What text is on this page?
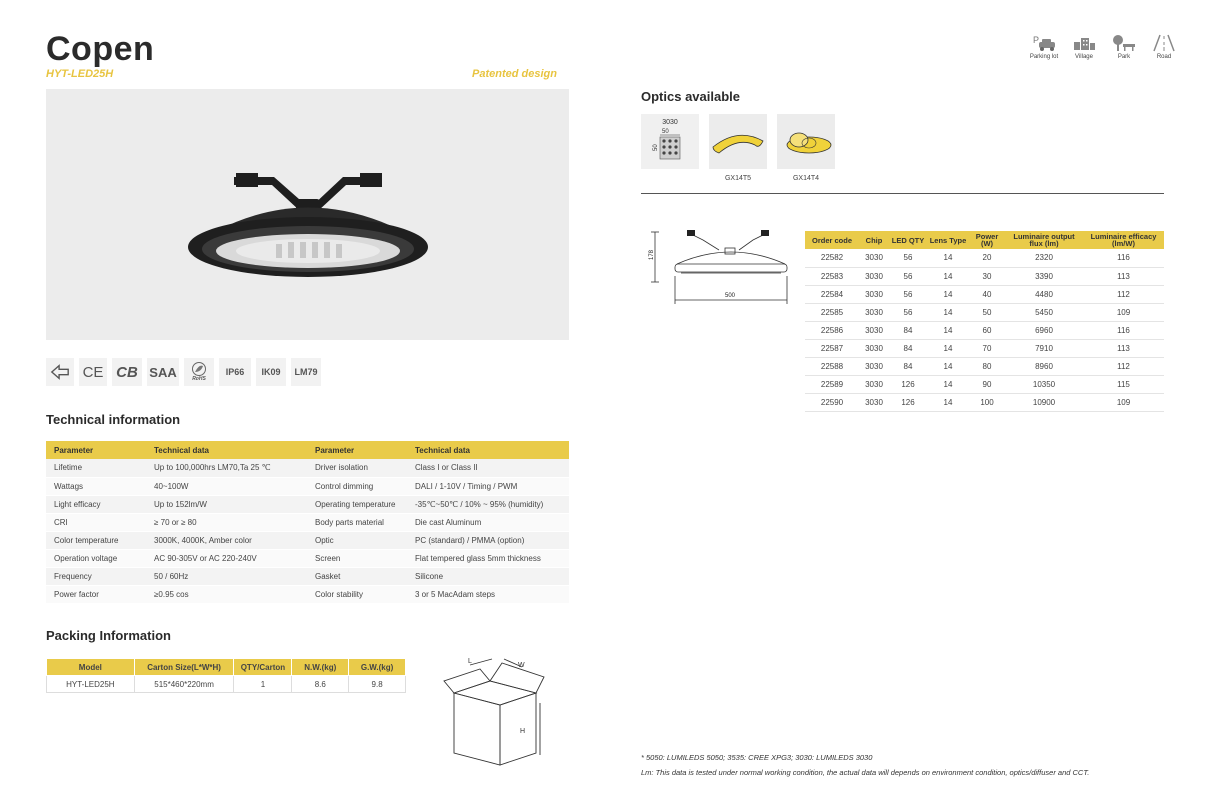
Copen
HYT-LED25H	Patented design
P
Parking lot	Village	Park	Road
CE CB SAA	RoHS
IP66	IK09	LM79
Technical information
Parameter	Technical data	Parameter	Technical data
Lifetime	Up to 100,000hrs LM70,Ta 25 ℃	Driver isolation	Class I or Class II
Wattags	40~100W	Control dimming	DALI / 1-10V / Timing / PWM
Light efficacy	Up to 152lm/W	Operating temperature	-35℃~50℃ / 10% ~ 95% (humidity)
CRI	≥ 70 or ≥ 80	Body parts material	Die cast Aluminum
Color temperature	3000K, 4000K, Amber color	Optic	PC (standard) / PMMA (option)
Operation voltage	AC 90-305V or AC 220-240V	Screen	Flat tempered glass 5mm thickness
Frequency	50 / 60Hz	Gasket	Silicone
Power factor	≥0.95 cos	Color stability	3 or 5 MacAdam steps
Packing Information
Model	Carton Size(L*W*H)	QTY/Carton	N.W.(kg)	G.W.(kg)
HYT-LED25H	515*460*220mm	1	8.6	9.8
L
W
H
Optics available
3030
50
50
GX14T5	GX14T4
178
500
Order code	Chip	LED QTY	Lens Type	Power (W)	Luminaire output flux (lm)	Luminaire efficacy (lm/W)
22582	3030	56	14	20	2320	116
22583	3030	56	14	30	3390	113
22584	3030	56	14	40	4480	112
22585	3030	56	14	50	5450	109
22586	3030	84	14	60	6960	116
22587	3030	84	14	70	7910	113
22588	3030	84	14	80	8960	112
22589	3030	126	14	90	10350	115
22590	3030	126	14	100	10900	109
* 5050: LUMILEDS 5050; 3535: CREE XPG3; 3030: LUMILEDS 3030
Lm: This data is tested under normal working condition, the actual data will depends on environment condition, optics/diffuser and CCT.
